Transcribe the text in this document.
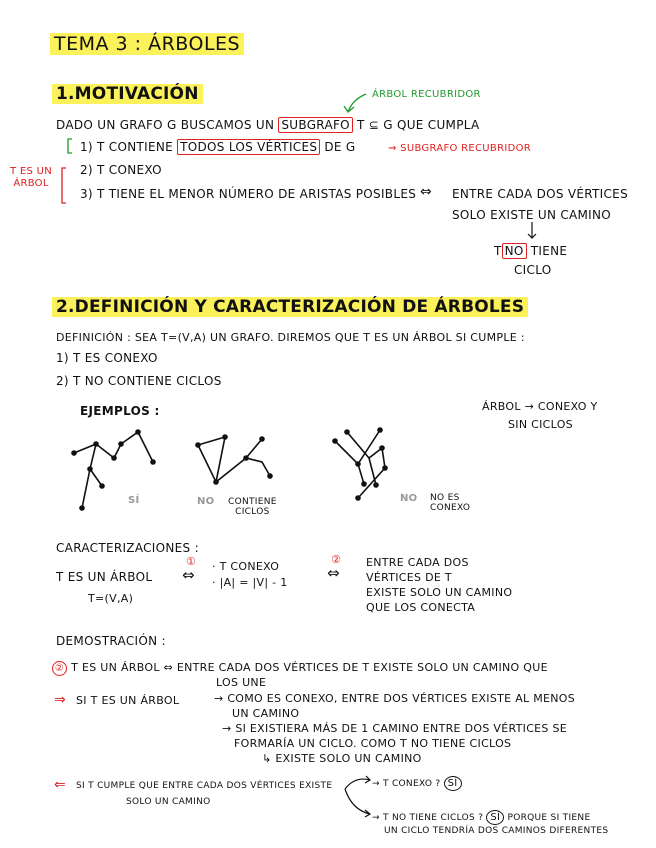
TEMA 3 : ÁRBOLES
1.MOTIVACIÓN	ÁRBOL RECUBRIDOR
DADO UN GRAFO G BUSCAMOS UN SUBGRAFO T ⊆ G QUE CUMPLA
1) T CONTIENE TODOS LOS VÉRTICES DE G	⇝ SUBGRAFO RECUBRIDOR
T ES UN
ÁRBOL
2) T CONEXO
3) T TIENE EL MENOR NÚMERO DE ARISTAS POSIBLES ⇔ ENTRE CADA DOS VÉRTICES
SOLO EXISTE UN CAMINO
T NO TIENE
CICLO
2.DEFINICIÓN Y CARACTERIZACIÓN DE ÁRBOLES
DEFINICIÓN : SEA T=(V,A) UN GRAFO. DIREMOS QUE T ES UN ÁRBOL SI CUMPLE :
1) T ES CONEXO
2) T NO CONTIENE CICLOS
EJEMPLOS :	ÁRBOL → CONEXO Y
SIN CICLOS
SÍ	NO CONTIENE
CICLOS
NO NO ES
CONEXO
CARACTERIZACIONES :
T ES UN ÁRBOL
T=(V,A)
①
⇔ · T CONEXO
· |A| = |V| - 1
②
⇔
ENTRE CADA DOS
VÉRTICES DE T
EXISTE SOLO UN CAMINO
QUE LOS CONECTA
DEMOSTRACIÓN :
② T ES UN ÁRBOL ⇔ ENTRE CADA DOS VÉRTICES DE T EXISTE SOLO UN CAMINO QUE
LOS UNE
⇒ SI T ES UN ÁRBOL	→ COMO ES CONEXO, ENTRE DOS VÉRTICES EXISTE AL MENOS
UN CAMINO
→ SI EXISTIERA MÁS DE 1 CAMINO ENTRE DOS VÉRTICES SE
FORMARÍA UN CICLO. COMO T NO TIENE CICLOS
↳ EXISTE SOLO UN CAMINO
⇐ SI T CUMPLE QUE ENTRE CADA DOS VÉRTICES EXISTE
SOLO UN CAMINO
→ T CONEXO ? SÍ
→ T NO TIENE CICLOS ? SÍ PORQUE SI TIENE
UN CICLO TENDRÍA DOS CAMINOS DIFERENTES
